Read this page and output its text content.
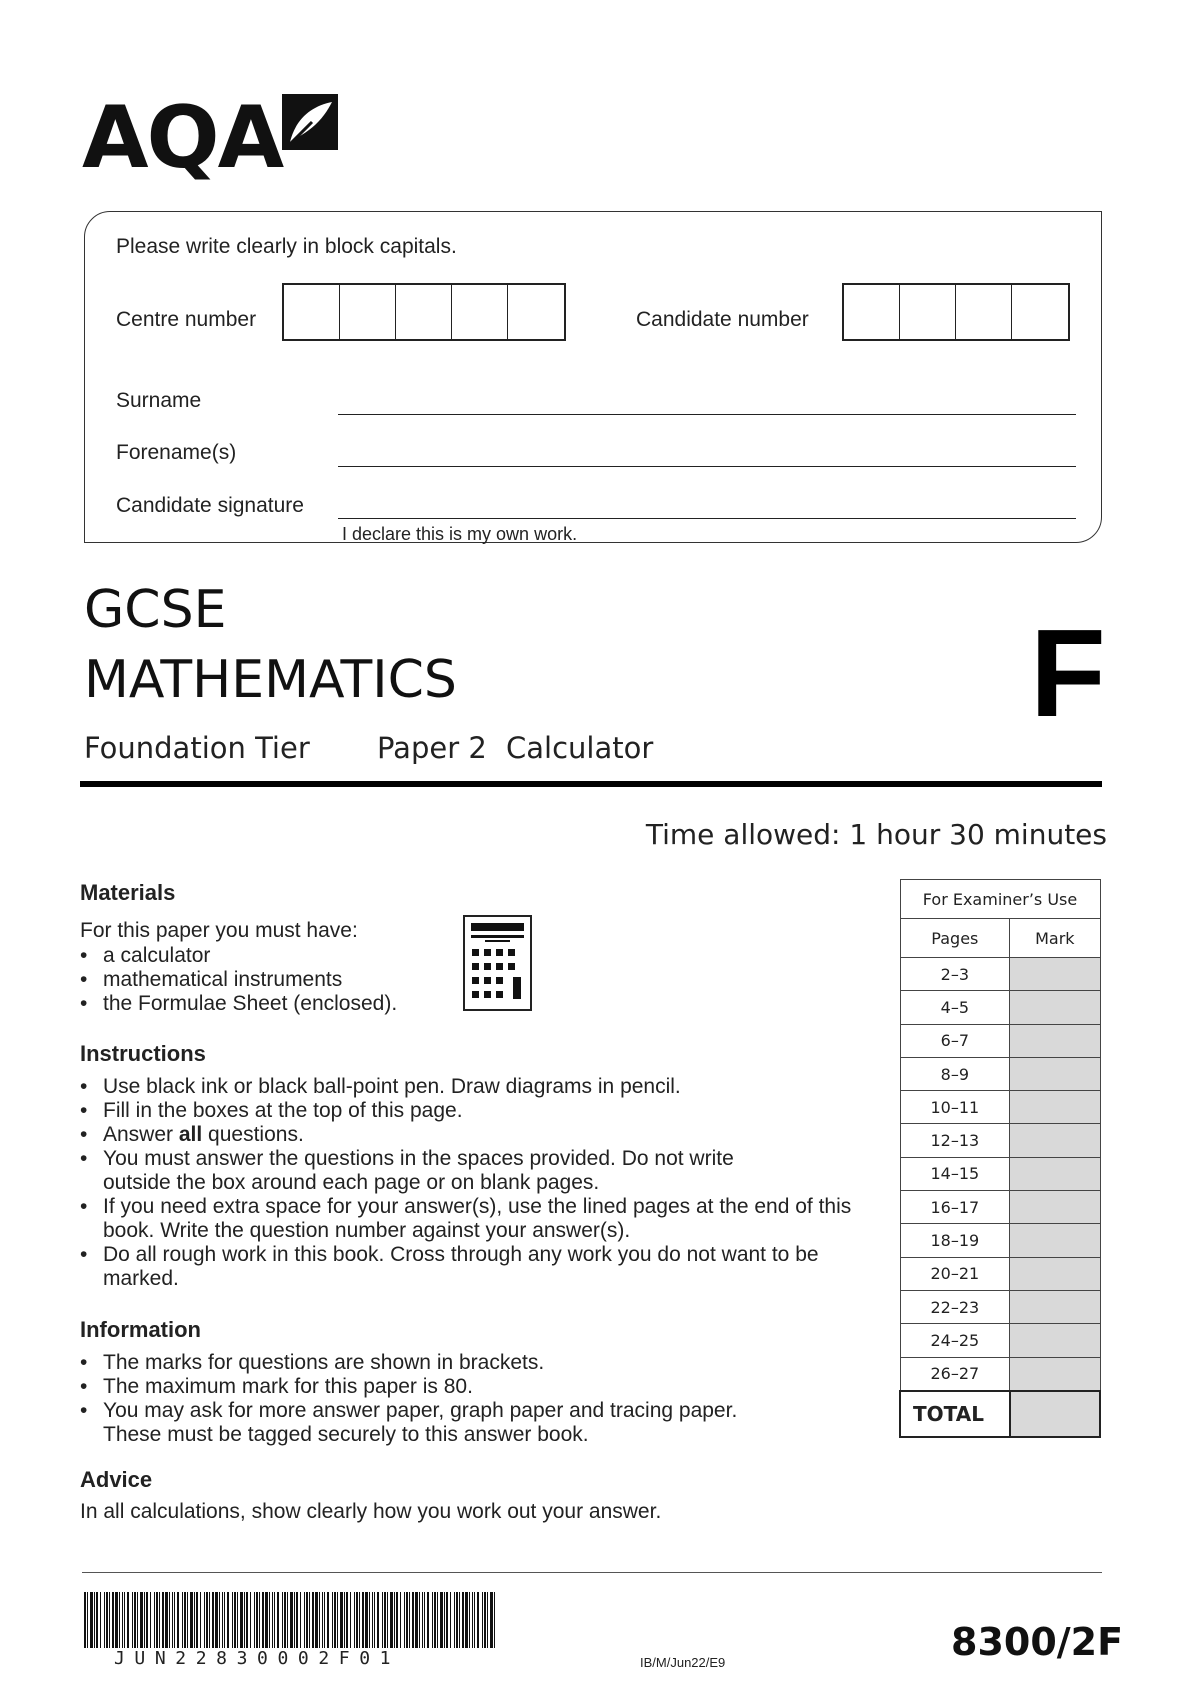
AQA
Please write clearly in block capitals.
Centre number	Candidate number
Surname
Forename(s)
Candidate signature
I declare this is my own work.
GCSE
MATHEMATICS
Foundation Tier Paper 2 Calculator
F
Time allowed: 1 hour 30 minutes
Materials
For this paper you must have:
• a calculator
• mathematical instruments
• the Formulae Sheet (enclosed).
Instructions
• Use black ink or black ball-point pen. Draw diagrams in pencil.
• Fill in the boxes at the top of this page.
• Answer all questions.
• You must answer the questions in the spaces provided. Do not write outside the box around each page or on blank pages.
• If you need extra space for your answer(s), use the lined pages at the end of this book. Write the question number against your answer(s).
• Do all rough work in this book. Cross through any work you do not want to be marked.
Information
• The marks for questions are shown in brackets.
• The maximum mark for this paper is 80.
• You may ask for more answer paper, graph paper and tracing paper. These must be tagged securely to this answer book.
Advice
In all calculations, show clearly how you work out your answer.
For Examiner’s Use	
Pages	Mark
2–3	
4–5	
6–7	
8–9	
10–11	
12–13	
14–15	
16–17	
18–19	
20–21	
22–23	
24–25	
26–27	
TOTAL	
JUN22830002F01	IB/M/Jun22/E9	8300/2F
